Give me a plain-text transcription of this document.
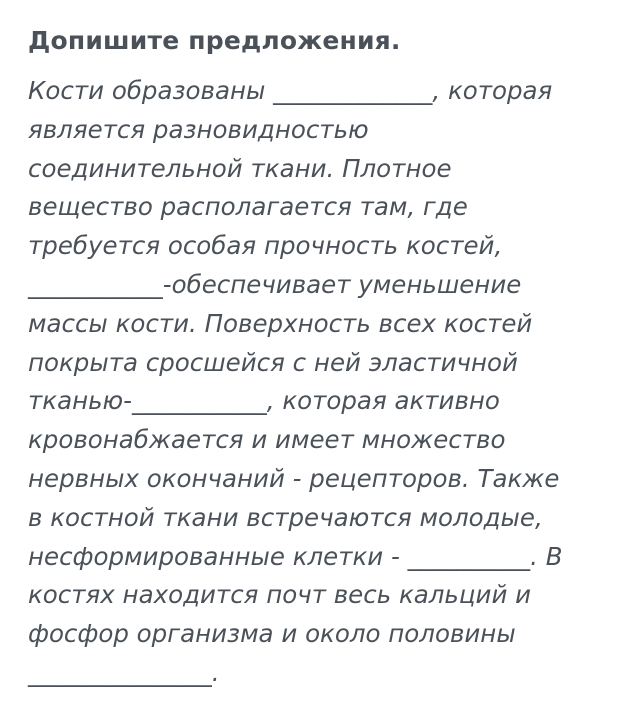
Допишите предложения.
Кости образованы _____________, которая
является разновидностью
соединительной ткани. Плотное
вещество располагается там, где
требуется особая прочность костей,
___________-обеспечивает уменьшение
массы кости. Поверхность всех костей
покрыта сросшейся с ней эластичной
тканью-___________, которая активно
кровонабжается и имеет множество
нервных окончаний - рецепторов. Также
в костной ткани встречаются молодые,
несформированные клетки - __________. В
костях находится почт весь кальций и
фосфор организма и около половины
_______________.
